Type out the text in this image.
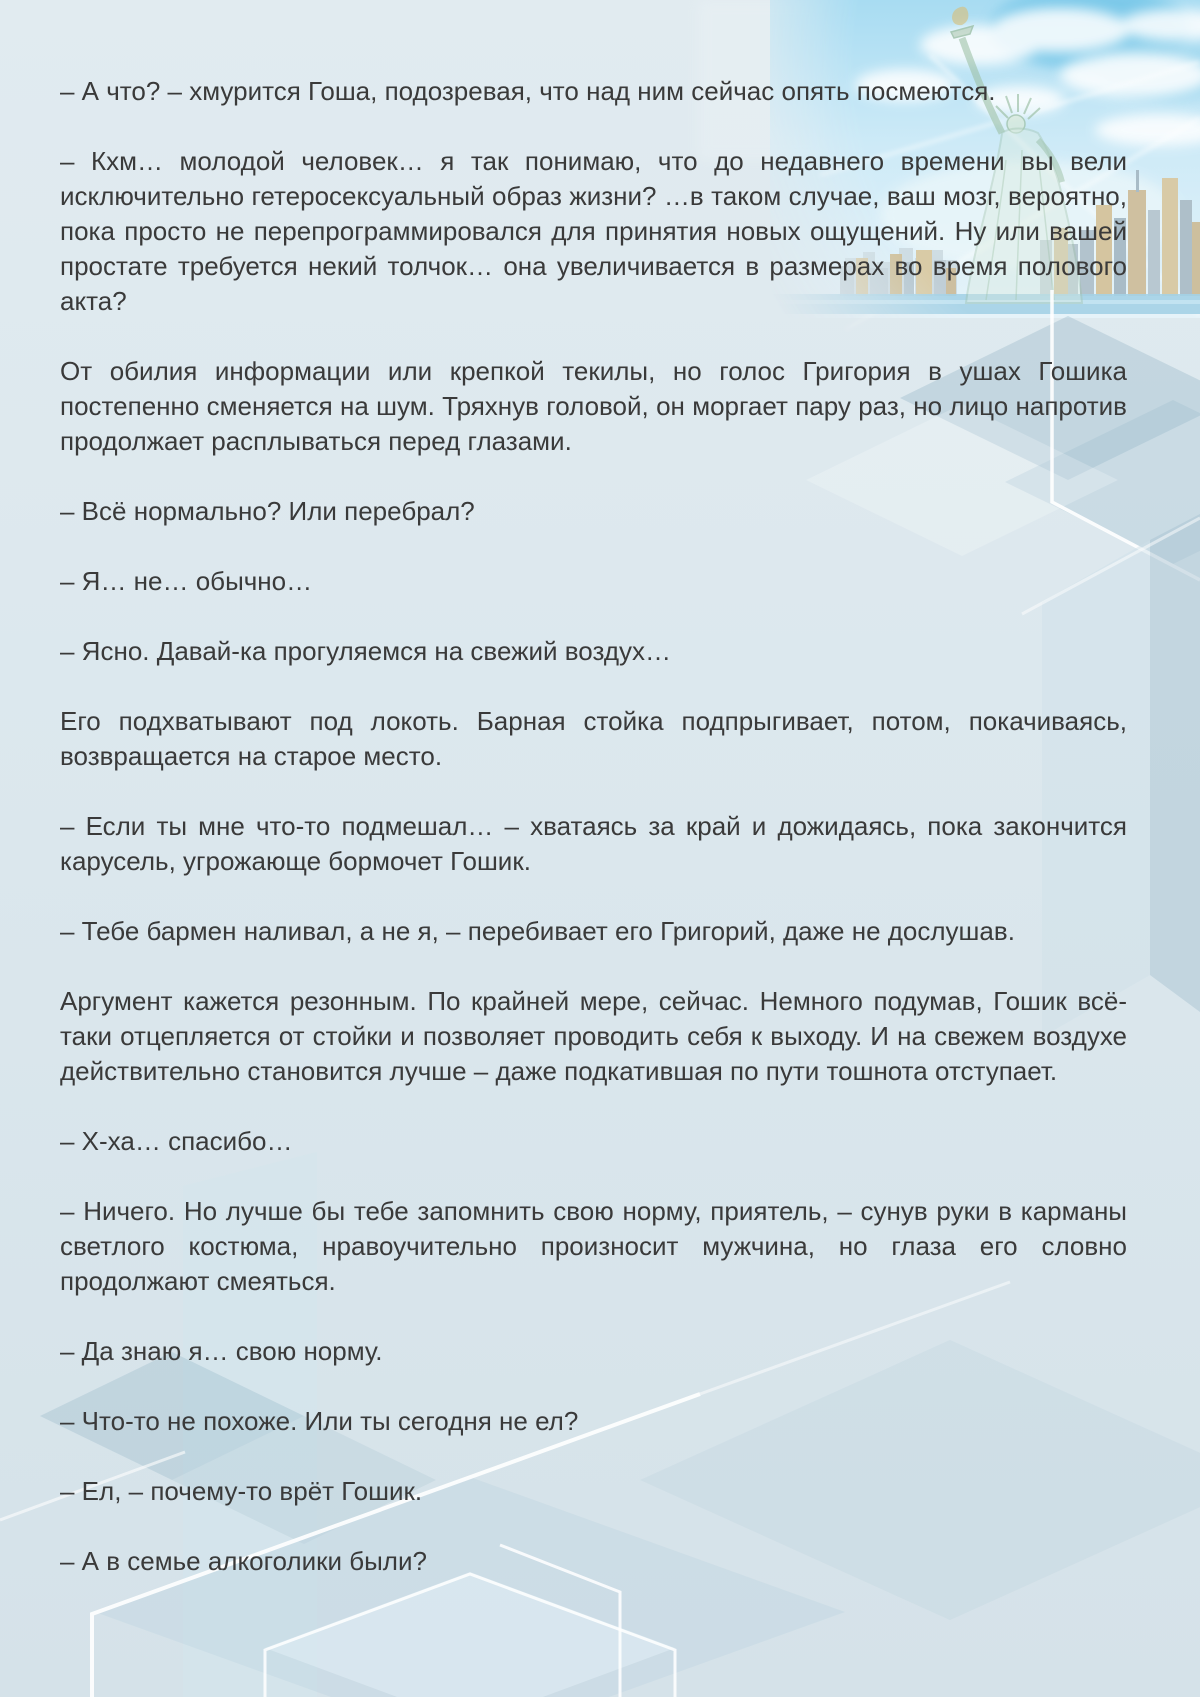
– А что? – хмурится Гоша, подозревая, что над ним сейчас опять посмеются.

– Кхм… молодой человек… я так понимаю, что до недавнего времени вы вели исключительно гетеросексуальный образ жизни? …в таком случае, ваш мозг, вероятно, пока просто не перепрограммировался для принятия новых ощущений. Ну или вашей простате требуется некий толчок… она увеличивается в размерах во время полового акта?

От обилия информации или крепкой текилы, но голос Григория в ушах Гошика постепенно сменяется на шум. Тряхнув головой, он моргает пару раз, но лицо напротив продолжает расплываться перед глазами.

– Всё нормально? Или перебрал?

– Я… не… обычно…

– Ясно. Давай-ка прогуляемся на свежий воздух…

Его подхватывают под локоть. Барная стойка подпрыгивает, потом, покачиваясь, возвращается на старое место.

– Если ты мне что-то подмешал… – хватаясь за край и дожидаясь, пока закончится карусель, угрожающе бормочет Гошик.

– Тебе бармен наливал, а не я, – перебивает его Григорий, даже не дослушав.

Аргумент кажется резонным. По крайней мере, сейчас. Немного подумав, Гошик всё-таки отцепляется от стойки и позволяет проводить себя к выходу. И на свежем воздухе действительно становится лучше – даже подкатившая по пути тошнота отступает.

– Х-ха… спасибо…

– Ничего. Но лучше бы тебе запомнить свою норму, приятель, – сунув руки в карманы светлого костюма, нравоучительно произносит мужчина, но глаза его словно продолжают смеяться.

– Да знаю я… свою норму.

– Что-то не похоже. Или ты сегодня не ел?

– Ел, – почему-то врёт Гошик.

– А в семье алкоголики были?
